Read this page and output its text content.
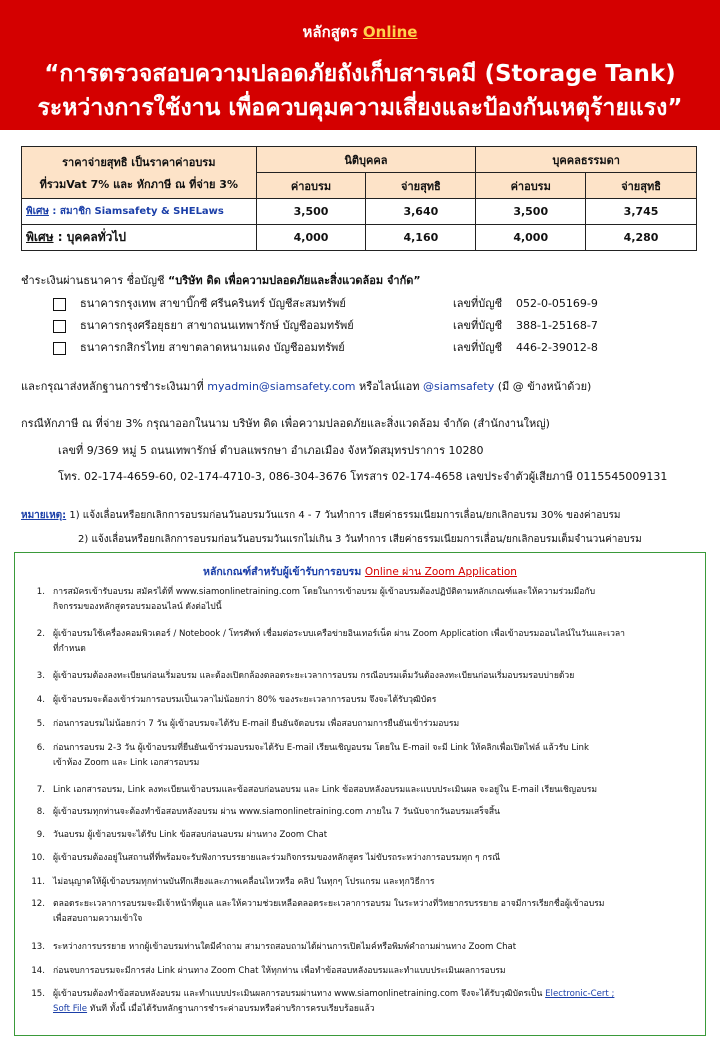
หลักสูตร Online
“การตรวจสอบความปลอดภัยถังเก็บสารเคมี (Storage Tank)
ระหว่างการใช้งาน เพื่อควบคุมความเสี่ยงและป้องกันเหตุร้ายแรง”
ราคาจ่ายสุทธิ เป็นราคาค่าอบรม
ที่รวมVat 7% และ หักภาษี ณ ที่จ่าย 3%	นิติบุคคล		บุคคลธรรมดา	
	ค่าอบรม	จ่ายสุทธิ	ค่าอบรม	จ่ายสุทธิ
พิเศษ : สมาชิก Siamsafety & SHELaws	3,500	3,640	3,500	3,745
พิเศษ : บุคคลทั่วไป	4,000	4,160	4,000	4,280
ชำระเงินผ่านธนาคาร ชื่อบัญชี “บริษัท ดิด เพื่อความปลอดภัยและสิ่งแวดล้อม จำกัด”
ธนาคารกรุงเทพ สาขาบิ๊กซี ศรีนครินทร์ บัญชีสะสมทรัพย์	เลขที่บัญชี 052-0-05169-9
ธนาคารกรุงศรีอยุธยา สาขาถนนเทพารักษ์ บัญชีออมทรัพย์	เลขที่บัญชี 388-1-25168-7
ธนาคารกสิกรไทย สาขาตลาดหนามแดง บัญชีออมทรัพย์	เลขที่บัญชี 446-2-39012-8
และกรุณาส่งหลักฐานการชำระเงินมาที่ myadmin@siamsafety.com หรือไลน์แอท @siamsafety (มี @ ข้างหน้าด้วย)
กรณีหักภาษี ณ ที่จ่าย 3% กรุณาออกในนาม บริษัท ดิด เพื่อความปลอดภัยและสิ่งแวดล้อม จำกัด (สำนักงานใหญ่)
เลขที่ 9/369 หมู่ 5 ถนนเทพารักษ์ ตำบลแพรกษา อำเภอเมือง จังหวัดสมุทรปราการ 10280
โทร. 02-174-4659-60, 02-174-4710-3, 086-304-3676 โทรสาร 02-174-4658 เลขประจำตัวผู้เสียภาษี 0115545009131
หมายเหตุ: 1) แจ้งเลื่อนหรือยกเลิกการอบรมก่อนวันอบรมวันแรก 4 - 7 วันทำการ เสียค่าธรรมเนียมการเลื่อน/ยกเลิกอบรม 30% ของค่าอบรม
2) แจ้งเลื่อนหรือยกเลิกการอบรมก่อนวันอบรมวันแรกไม่เกิน 3 วันทำการ เสียค่าธรรมเนียมการเลื่อน/ยกเลิกอบรมเต็มจำนวนค่าอบรม
หลักเกณฑ์สำหรับผู้เข้ารับการอบรม Online ผ่าน Zoom Application
1. การสมัครเข้ารับอบรม สมัครได้ที่ www.siamonlinetraining.com โดยในการเข้าอบรม ผู้เข้าอบรมต้องปฏิบัติตามหลักเกณฑ์และให้ความร่วมมือกับ
กิจกรรมของหลักสูตรอบรมออนไลน์ ดังต่อไปนี้
2. ผู้เข้าอบรมใช้เครื่องคอมพิวเตอร์ / Notebook / โทรศัพท์ เชื่อมต่อระบบเครือข่ายอินเทอร์เน็ต ผ่าน Zoom Application เพื่อเข้าอบรมออนไลน์ในวันและเวลา
ที่กำหนด
3. ผู้เข้าอบรมต้องลงทะเบียนก่อนเริ่มอบรม และต้องเปิดกล้องตลอดระยะเวลาการอบรม กรณีอบรมเต็มวันต้องลงทะเบียนก่อนเริ่มอบรมรอบบ่ายด้วย
4. ผู้เข้าอบรมจะต้องเข้าร่วมการอบรมเป็นเวลาไม่น้อยกว่า 80% ของระยะเวลาการอบรม จึงจะได้รับวุฒิบัตร
5. ก่อนการอบรมไม่น้อยกว่า 7 วัน ผู้เข้าอบรมจะได้รับ E-mail ยืนยันจัดอบรม เพื่อสอบถามการยืนยันเข้าร่วมอบรม
6. ก่อนการอบรม 2-3 วัน ผู้เข้าอบรมที่ยืนยันเข้าร่วมอบรมจะได้รับ E-mail เรียนเชิญอบรม โดยใน E-mail จะมี Link ให้คลิกเพื่อเปิดไฟล์ แล้วรับ Link
เข้าห้อง Zoom และ Link เอกสารอบรม
7. Link เอกสารอบรม, Link ลงทะเบียนเข้าอบรมและข้อสอบก่อนอบรม และ Link ข้อสอบหลังอบรมและแบบประเมินผล จะอยู่ใน E-mail เรียนเชิญอบรม
8. ผู้เข้าอบรมทุกท่านจะต้องทำข้อสอบหลังอบรม ผ่าน www.siamonlinetraining.com ภายใน 7 วันนับจากวันอบรมเสร็จสิ้น
9. วันอบรม ผู้เข้าอบรมจะได้รับ Link ข้อสอบก่อนอบรม ผ่านทาง Zoom Chat
10. ผู้เข้าอบรมต้องอยู่ในสถานที่ที่พร้อมจะรับฟังการบรรยายและร่วมกิจกรรมของหลักสูตร ไม่ขับรถระหว่างการอบรมทุก ๆ กรณี
11. ไม่อนุญาตให้ผู้เข้าอบรมทุกท่านบันทึกเสียงและภาพเคลื่อนไหวหรือ คลิป ในทุกๆ โปรแกรม และทุกวิธีการ
12. ตลอดระยะเวลาการอบรมจะมีเจ้าหน้าที่ดูแล และให้ความช่วยเหลือตลอดระยะเวลาการอบรม ในระหว่างที่วิทยากรบรรยาย อาจมีการเรียกชื่อผู้เข้าอบรม
เพื่อสอบถามความเข้าใจ
13. ระหว่างการบรรยาย หากผู้เข้าอบรมท่านใดมีคำถาม สามารถสอบถามได้ผ่านการเปิดไมค์หรือพิมพ์คำถามผ่านทาง Zoom Chat
14. ก่อนจบการอบรมจะมีการส่ง Link ผ่านทาง Zoom Chat ให้ทุกท่าน เพื่อทำข้อสอบหลังอบรมและทำแบบประเมินผลการอบรม
15. ผู้เข้าอบรมต้องทำข้อสอบหลังอบรม และทำแบบประเมินผลการอบรมผ่านทาง www.siamonlinetraining.com จึงจะได้รับวุฒิบัตรเป็น Electronic-Cert ;
Soft File ทันที ทั้งนี้ เมื่อได้รับหลักฐานการชำระค่าอบรมหรือค่าบริการครบเรียบร้อยแล้ว
